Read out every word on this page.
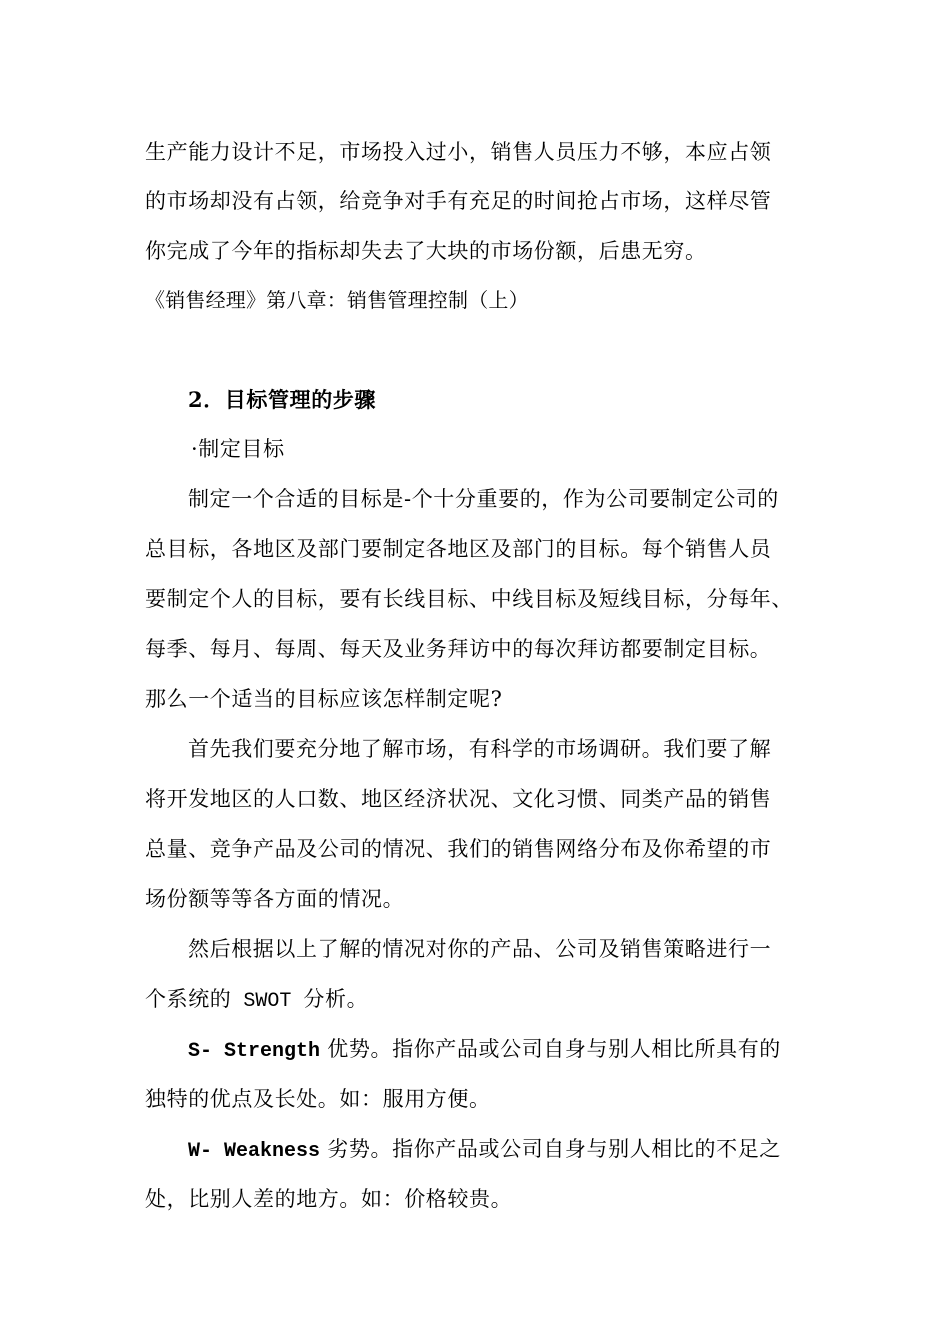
生产能力设计不足，市场投入过小，销售人员压力不够，本应占领
的市场却没有占领，给竞争对手有充足的时间抢占市场，这样尽管
你完成了今年的指标却失去了大块的市场份额，后患无穷。
《销售经理》第八章：销售管理控制（上）
2．目标管理的步骤
·制定目标
制定一个合适的目标是-个十分重要的，作为公司要制定公司的
总目标，各地区及部门要制定各地区及部门的目标。每个销售人员
要制定个人的目标，要有长线目标、中线目标及短线目标，分每年、
每季、每月、每周、每天及业务拜访中的每次拜访都要制定目标。
那么一个适当的目标应该怎样制定呢?
首先我们要充分地了解市场，有科学的市场调研。我们要了解
将开发地区的人口数、地区经济状况、文化习惯、同类产品的销售
总量、竞争产品及公司的情况、我们的销售网络分布及你希望的市
场份额等等各方面的情况。
然后根据以上了解的情况对你的产品、公司及销售策略进行一
个系统的 SWOT 分析。
S- Strength 优势。指你产品或公司自身与别人相比所具有的
独特的优点及长处。如：服用方便。
W- Weakness 劣势。指你产品或公司自身与别人相比的不足之
处，比别人差的地方。如：价格较贵。
